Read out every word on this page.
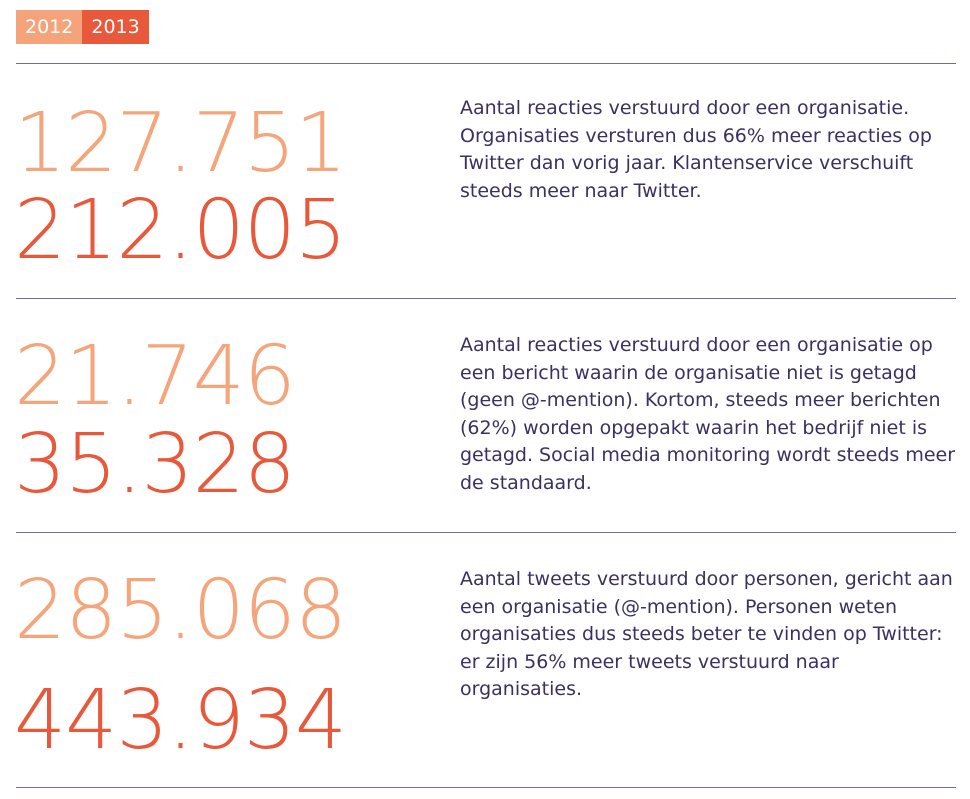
2012 2013
127.751
212.005

Aantal reacties verstuurd door een organisatie. Organisaties versturen dus 66% meer reacties op Twitter dan vorig jaar. Klantenservice verschuift steeds meer naar Twitter.

21.746
35.328

Aantal reacties verstuurd door een organisatie op een bericht waarin de organisatie niet is getagd (geen @-mention). Kortom, steeds meer berichten (62%) worden opgepakt waarin het bedrijf niet is getagd. Social media monitoring wordt steeds meer de standaard.

285.068
443.934

Aantal tweets verstuurd door personen, gericht aan een organisatie (@-mention). Personen weten organisaties dus steeds beter te vinden op Twitter: er zijn 56% meer tweets verstuurd naar organisaties.
